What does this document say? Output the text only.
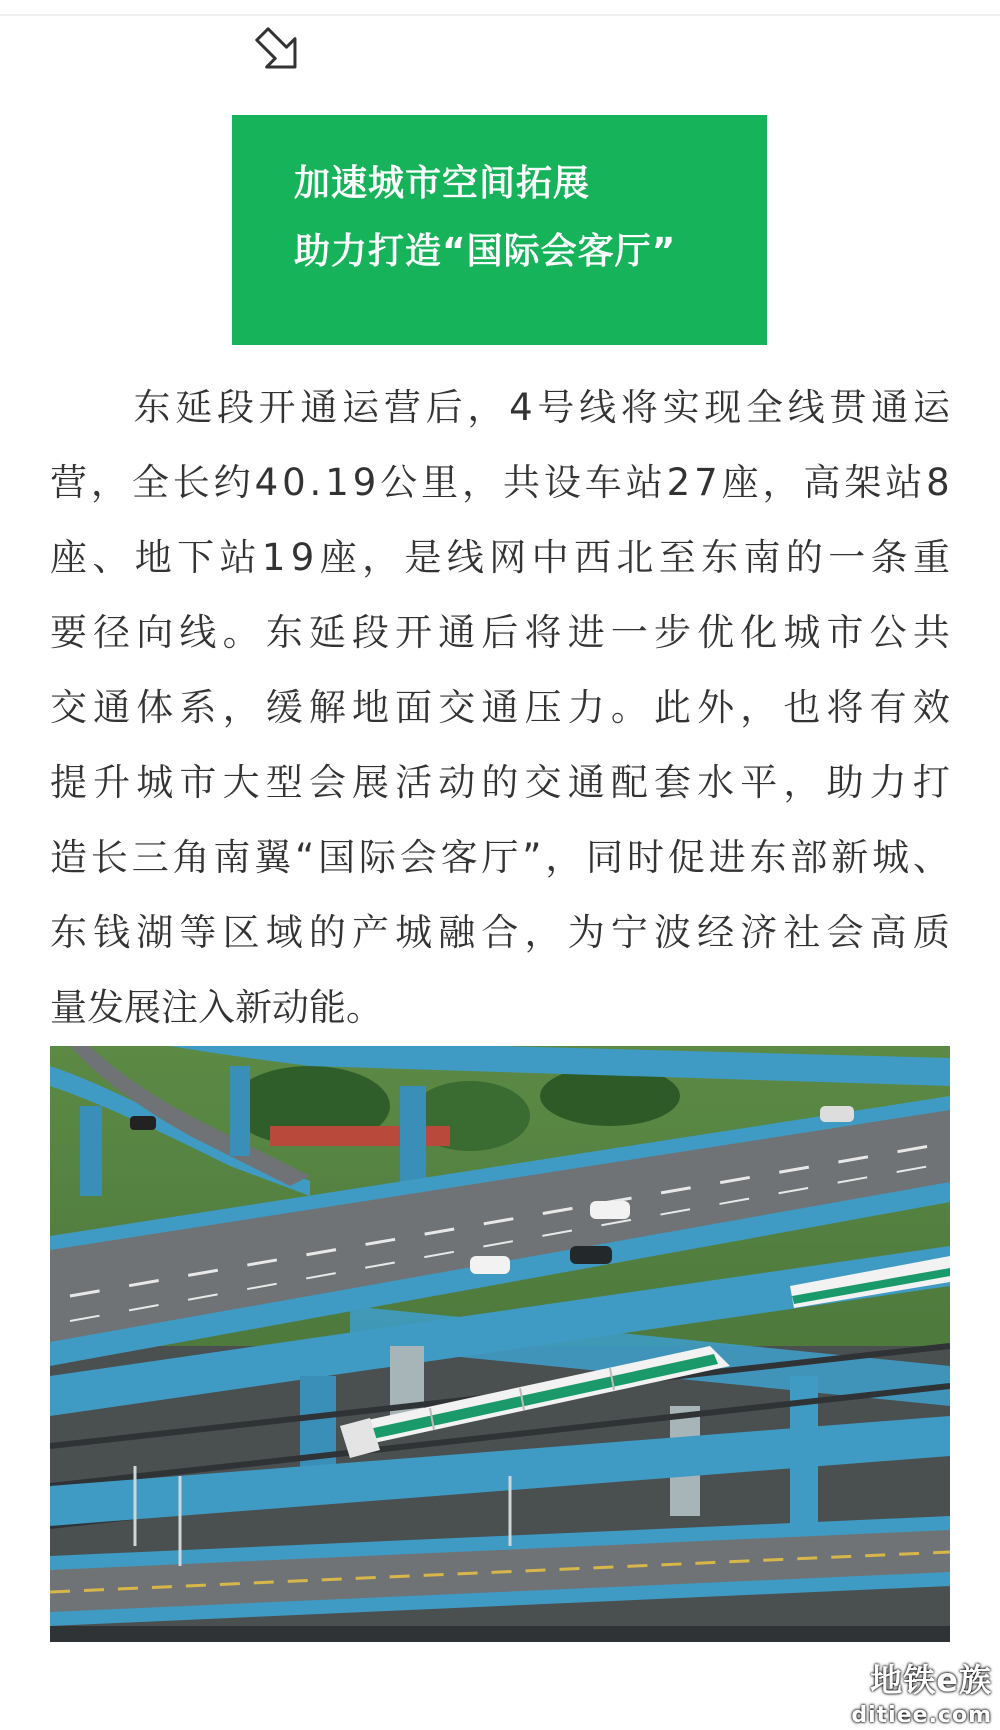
加速城市空间拓展
助力打造“国际会客厅”

东 延 段 开 通 运 营 后 ， 4 号 线 将 实 现 全 线 贯 通 运
营 ， 全 长 约 4 0 . 1 9 公 里 ， 共 设 车 站 2 7 座 ， 高 架 站 8
座 、 地 下 站 1 9 座 ， 是 线 网 中 西 北 至 东 南 的 一 条 重
要 径 向 线 。 东 延 段 开 通 后 将 进 一 步 优 化 城 市 公 共
交 通 体 系 ， 缓 解 地 面 交 通 压 力 。 此 外 ， 也 将 有 效
提 升 城 市 大 型 会 展 活 动 的 交 通 配 套 水 平 ， 助 力 打
造 长 三 角 南 翼 “ 国 际 会 客 厅 ” ， 同 时 促 进 东 部 新 城 、
东 钱 湖 等 区 域 的 产 城 融 合 ， 为 宁 波 经 济 社 会 高 质
量发展注入新动能。
地铁e族
ditiee.com
